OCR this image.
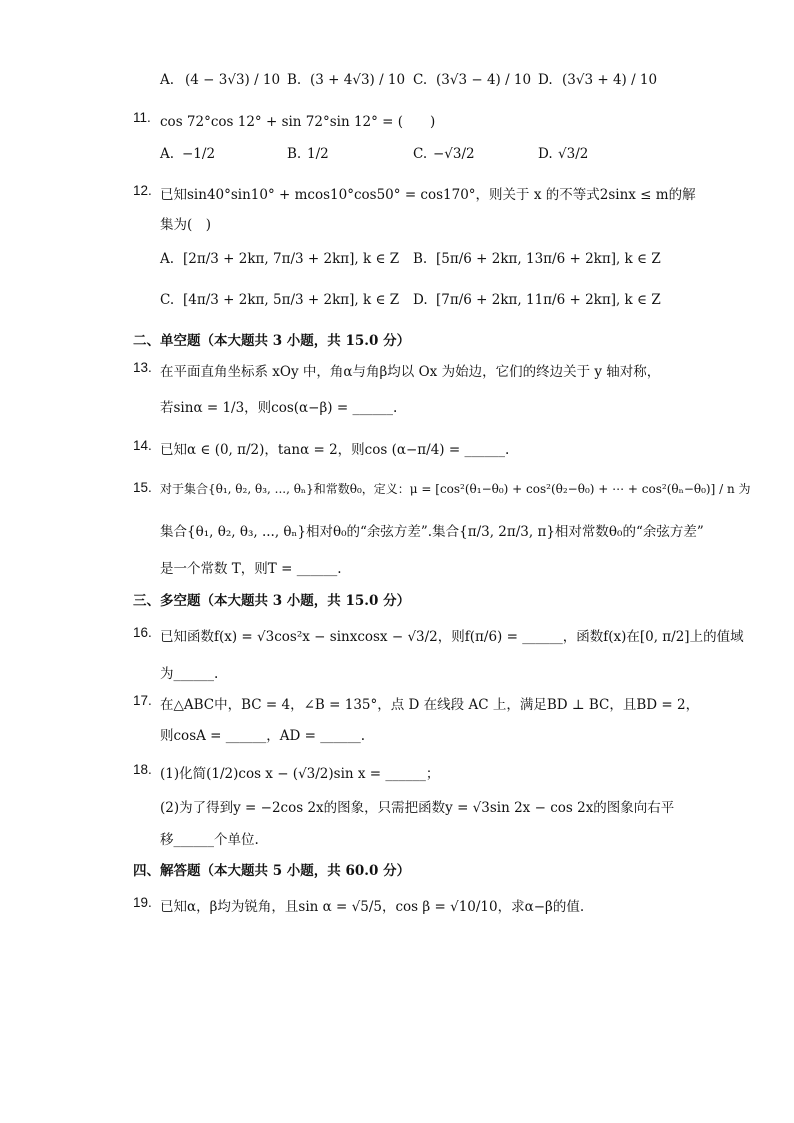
A. (4 − 3√3) / 10 B. (3 + 4√3) / 10 C. (3√3 − 4) / 10 D. (3√3 + 4) / 10
11. cos 72°cos 12° + sin 72°sin 12° = (　　)
A. −1/2	B. 1/2	C. −√3/2	D. √3/2
12. 已知sin40°sin10° + mcos10°cos50° = cos170°，则关于 x 的不等式2sinx ≤ m的解
集为(　)
A. [2π/3 + 2kπ, 7π/3 + 2kπ], k ∈ Z B. [5π/6 + 2kπ, 13π/6 + 2kπ], k ∈ Z
C. [4π/3 + 2kπ, 5π/3 + 2kπ], k ∈ Z D. [7π/6 + 2kπ, 11π/6 + 2kπ], k ∈ Z
二、单空题（本大题共 3 小题，共 15.0 分）
13. 在平面直角坐标系 xOy 中，角α与角β均以 Ox 为始边，它们的终边关于 y 轴对称，
若sinα = 1/3，则cos(α−β) = ______.
14. 已知α ∈ (0, π/2)，tanα = 2，则cos (α−π/4) = ______.
15. 对于集合{θ₁, θ₂, θ₃, ..., θₙ}和常数θ₀，定义：μ = [cos²(θ₁−θ₀) + cos²(θ₂−θ₀) + ⋯ + cos²(θₙ−θ₀)] / n 为
集合{θ₁, θ₂, θ₃, ..., θₙ}相对θ₀的“余弦方差”.集合{π/3, 2π/3, π}相对常数θ₀的“余弦方差”
是一个常数 T，则T = ______.
三、多空题（本大题共 3 小题，共 15.0 分）
16. 已知函数f(x) = √3cos²x − sinxcosx − √3/2，则f(π/6) = ______，函数f(x)在[0, π/2]上的值域
为______.
17. 在△ABC中，BC = 4，∠B = 135°，点 D 在线段 AC 上，满足BD ⊥ BC，且BD = 2，
则cosA = ______，AD = ______.
18. (1)化简(1/2)cos x − (√3/2)sin x = ______；
(2)为了得到y = −2cos 2x的图象，只需把函数y = √3sin 2x − cos 2x的图象向右平
移______个单位.
四、解答题（本大题共 5 小题，共 60.0 分）
19. 已知α，β均为锐角，且sin α = √5/5，cos β = √10/10，求α−β的值.
